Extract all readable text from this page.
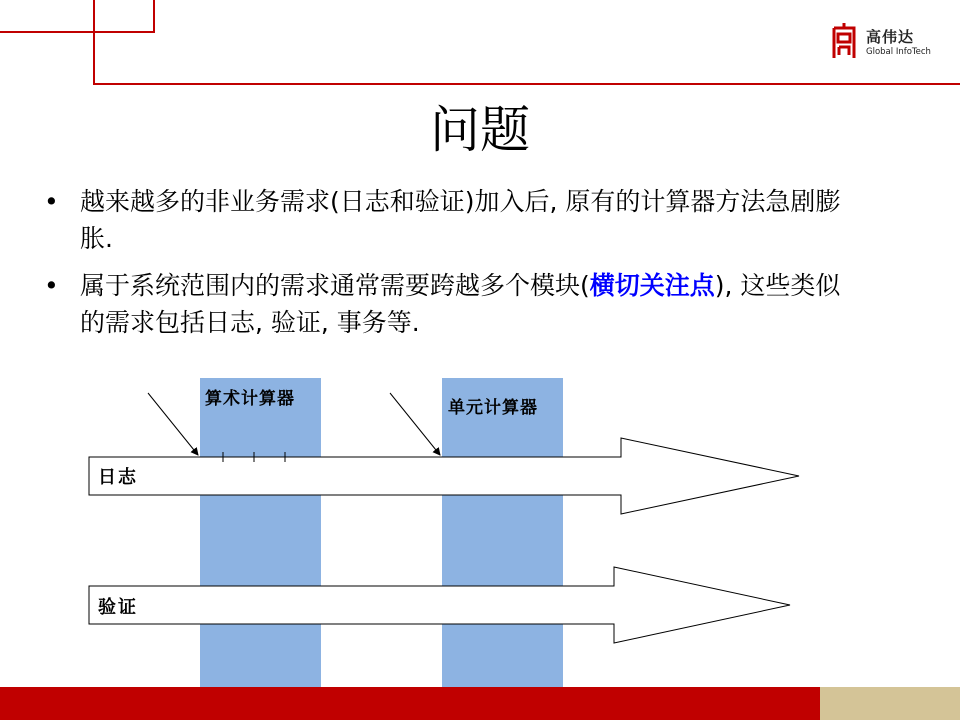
高伟达
Global InfoTech
问题
• 越来越多的非业务需求(日志和验证)加入后, 原有的计算器方法急剧膨胀.
• 属于系统范围内的需求通常需要跨越多个模块(横切关注点), 这些类似的需求包括日志, 验证, 事务等.
算术计算器	单元计算器
日志
验证
